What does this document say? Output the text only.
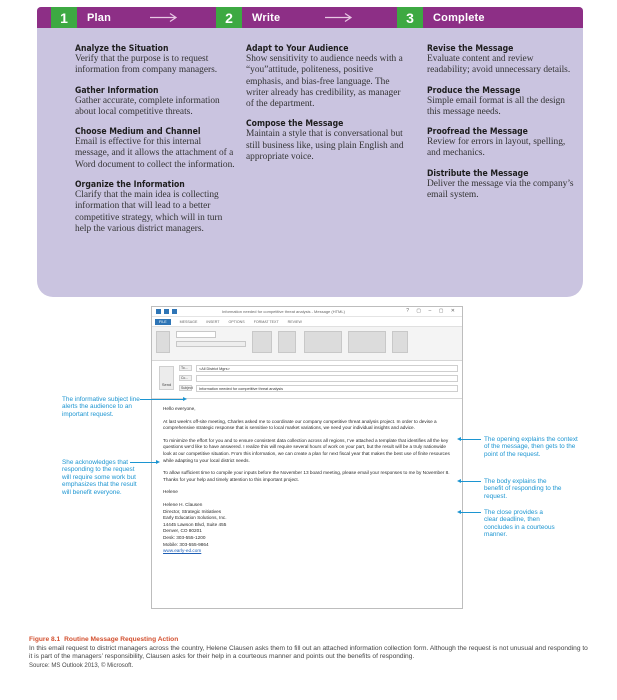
1	Plan	2	Write	3	Complete
Analyze the Situation

Verify that the purpose is to request information from company managers.

Gather Information

Gather accurate, complete information about local competitive threats.

Choose Medium and Channel

Email is effective for this internal message, and it allows the attachment of a Word document to collect the information.

Organize the Information

Clarify that the main idea is collecting information that will lead to a better competitive strategy, which will in turn help the various district managers.

Adapt to Your Audience

Show sensitivity to audience needs with a “you”attitude, politeness, positive emphasis, and bias-free language. The writer already has credibility, as manager of the department.

Compose the Message

Maintain a style that is conversational but still business like, using plain English and appropriate voice.

Revise the Message

Evaluate content and review readability; avoid unnecessary details.

Produce the Message

Simple email format is all the design this message needs.

Proofread the Message

Review for errors in layout, spelling, and mechanics.

Distribute the Message

Deliver the message via the company’s email system.

Information needed for competitive threat analysis - Message (HTML)	? ▢ – ▢ ✕
FILE	MESSAGE	INSERT	OPTIONS	FORMAT TEXT	REVIEW
Send
To...	<All District Mgrs>
Cc...
Subject	Information needed for competitive threat analysis

Hello everyone,

At last week’s off-site meeting, Charles asked me to coordinate our company competitive threat analysis project. In order to devise a comprehensive strategic response that is sensitive to local market variations, we need your individual insights and advice.

To minimize the effort for you and to ensure consistent data collection across all regions, I’ve attached a template that identifies all the key questions we’d like to have answered. I realize this will require several hours of work on your part, but the result will be a truly nationwide look at our competitive situation. From this information, we can create a plan for next fiscal year that makes the best use of finite resources while adapting to your local district needs.

To allow sufficient time to compile your inputs before the November 13 board meeting, please email your responses to me by November 8. Thanks for your help and timely attention to this important project.

Helene

Helene H. Clausen
Director, Strategic Initiatives
Early Education Solutions, Inc.
14445 Lawson Blvd, Suite 455
Denver, CO 80201
Desk: 303-555-1200
Mobile: 303-555-9864
www.early-ed.com
The informative subject line alerts the audience to an important request.
She acknowledges that responding to the request will require some work but emphasizes that the result will benefit everyone.
The opening explains the context of the message, then gets to the point of the request.
The body explains the benefit of responding to the request.
The close provides a clear deadline, then concludes in a courteous manner.
Figure 8.1 Routine Message Requesting Action
In this email request to district managers across the country, Helene Clausen asks them to fill out an attached information collection form. Although the request is not unusual and responding to it is part of the managers’ responsibility, Clausen asks for their help in a courteous manner and points out the benefits of responding.
Source: MS Outlook 2013, © Microsoft.
